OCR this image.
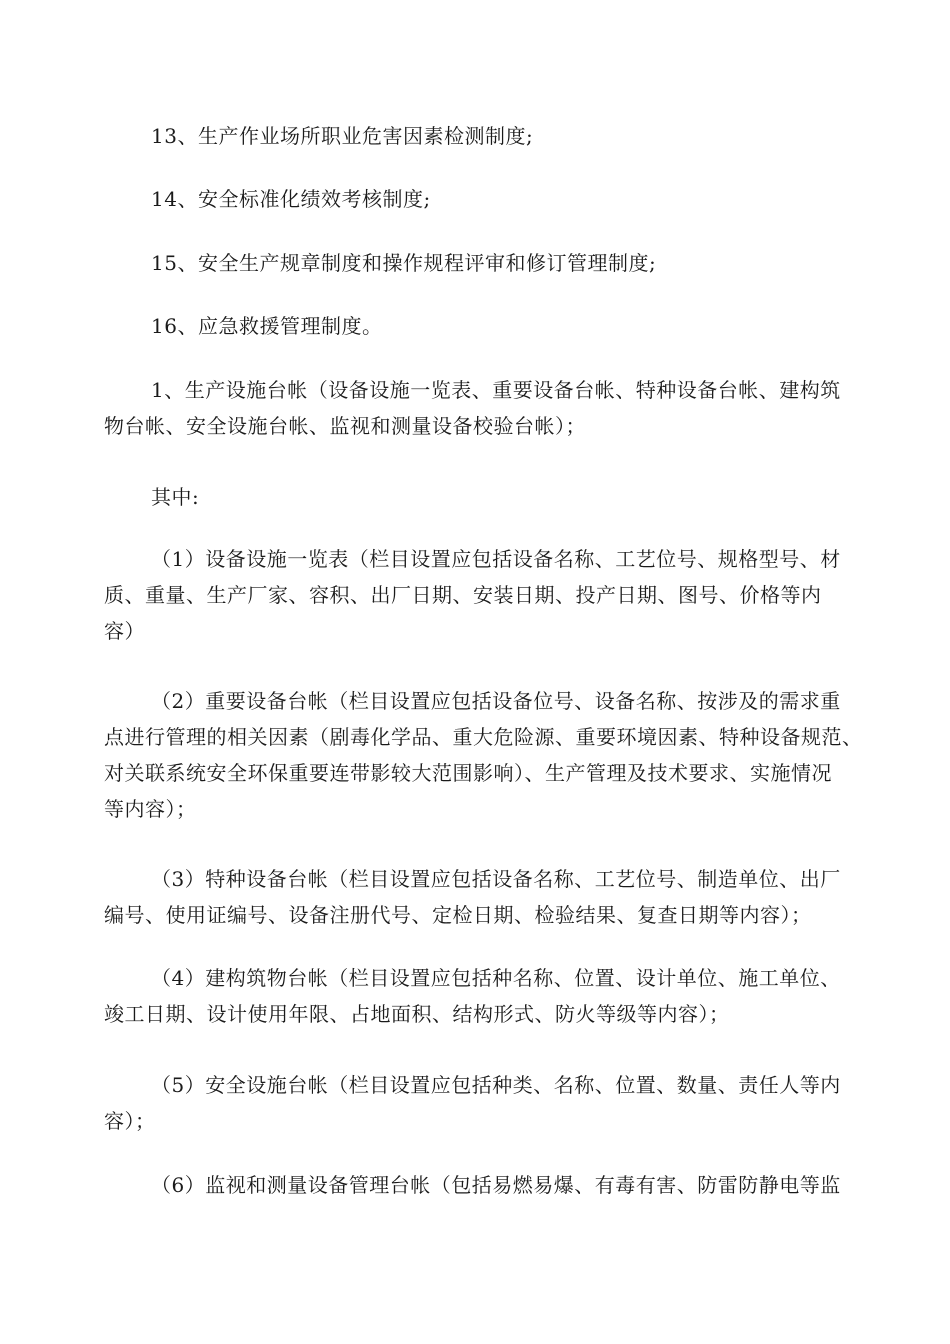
13、生产作业场所职业危害因素检测制度;

14、安全标准化绩效考核制度;

15、安全生产规章制度和操作规程评审和修订管理制度;

16、应急救援管理制度。

1、生产设施台帐（设备设施一览表、重要设备台帐、特种设备台帐、建构筑
物台帐、安全设施台帐、监视和测量设备校验台帐）；

其中:

（1）设备设施一览表（栏目设置应包括设备名称、工艺位号、规格型号、材
质、重量、生产厂家、容积、出厂日期、安装日期、投产日期、图号、价格等内
容）

（2）重要设备台帐（栏目设置应包括设备位号、设备名称、按涉及的需求重
点进行管理的相关因素（剧毒化学品、重大危险源、重要环境因素、特种设备规范、
对关联系统安全环保重要连带影较大范围影响）、生产管理及技术要求、实施情况
等内容）；

（3）特种设备台帐（栏目设置应包括设备名称、工艺位号、制造单位、出厂
编号、使用证编号、设备注册代号、定检日期、检验结果、复查日期等内容）；

（4）建构筑物台帐（栏目设置应包括种名称、位置、设计单位、施工单位、
竣工日期、设计使用年限、占地面积、结构形式、防火等级等内容）；

（5）安全设施台帐（栏目设置应包括种类、名称、位置、数量、责任人等内
容）；

（6）监视和测量设备管理台帐（包括易燃易爆、有毒有害、防雷防静电等监
